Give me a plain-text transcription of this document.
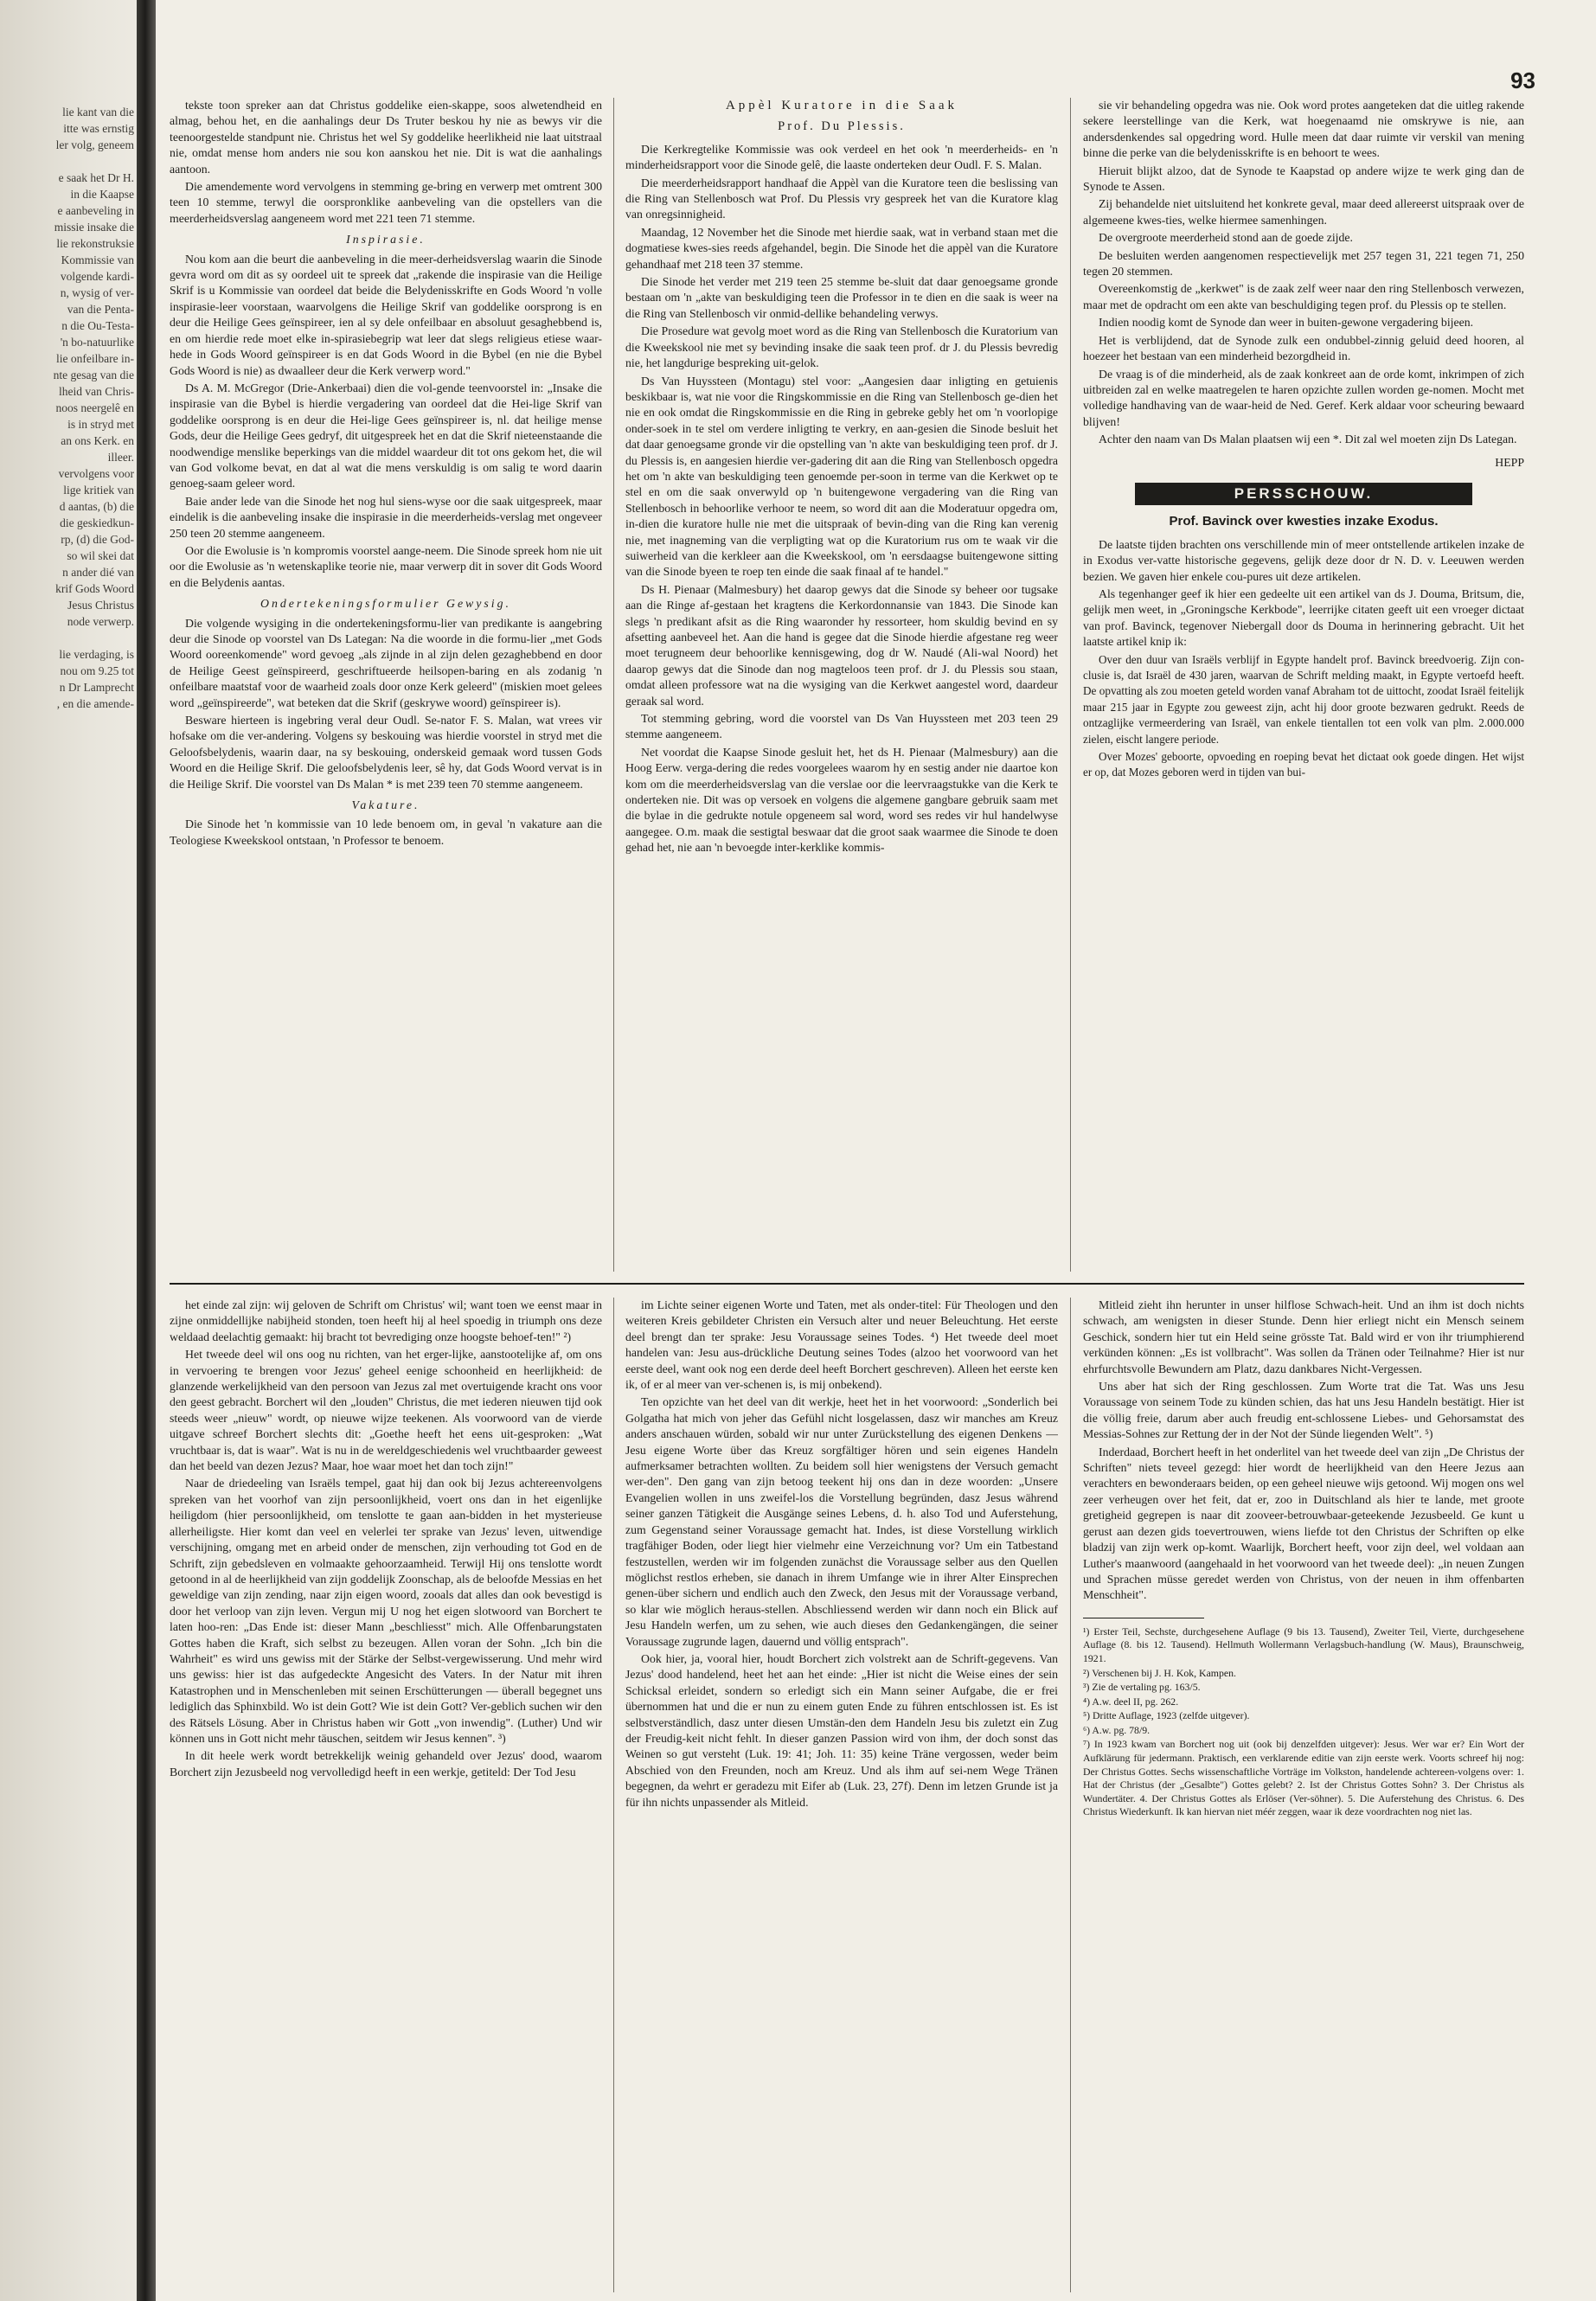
lie kant van die
itte was ernstig
ler volg, geneem

e saak het Dr H.
in die Kaapse
e aanbeveling in
missie insake die
lie rekonstruksie
Kommissie van
volgende kardi-
n, wysig of ver-
van die Penta-
n die Ou-Testa-
'n bo-natuurlike
lie onfeilbare in-
nte gesag van die
lheid van Chris-
noos neergelê en
is in stryd met
an ons Kerk. en
illeer.
vervolgens voor
lige kritiek van
d aantas, (b) die
die geskiedkun-
rp, (d) die God-
so wil skei dat
n ander dié van
krif Gods Woord
Jesus Christus
node verwerp.

lie verdaging, is
nou om 9.25 tot
n Dr Lamprecht
, en die amende-
93

tekste toon spreker aan dat Christus goddelike eien-skappe, soos alwetendheid en almag, behou het, en die aanhalings deur Ds Truter beskou hy nie as bewys vir die teenoorgestelde standpunt nie. Christus het wel Sy goddelike heerlikheid nie laat uitstraal nie, omdat mense hom anders nie sou kon aanskou het nie. Dit is wat die aanhalings aantoon.

Die amendemente word vervolgens in stemming ge-bring en verwerp met omtrent 300 teen 10 stemme, terwyl die oorspronklike aanbeveling van die opstellers van die meerderheidsverslag aangeneem word met 221 teen 71 stemme.

Inspirasie.

Nou kom aan die beurt die aanbeveling in die meer-derheidsverslag waarin die Sinode gevra word om dit as sy oordeel uit te spreek dat „rakende die inspirasie van die Heilige Skrif is u Kommissie van oordeel dat beide die Belydenisskrifte en Gods Woord 'n volle inspirasie-leer voorstaan, waarvolgens die Heilige Skrif van goddelike oorsprong is en deur die Heilige Gees geïnspireer, ien al sy dele onfeilbaar en absoluut gesaghebbend is, en om hierdie rede moet elke in-spirasiebegrip wat leer dat slegs religieus etiese waar-hede in Gods Woord geïnspireer is en dat Gods Woord in die Bybel (en nie die Bybel Gods Woord is nie) as dwaalleer deur die Kerk verwerp word."

Ds A. M. McGregor (Drie-Ankerbaai) dien die vol-gende teenvoorstel in: „Insake die inspirasie van die Bybel is hierdie vergadering van oordeel dat die Hei-lige Skrif van goddelike oorsprong is en deur die Hei-lige Gees geïnspireer is, nl. dat heilige mense Gods, deur die Heilige Gees gedryf, dit uitgespreek het en dat die Skrif nieteenstaande die noodwendige menslike beperkings van die middel waardeur dit tot ons gekom het, die wil van God volkome bevat, en dat al wat die mens verskuldig is om salig te word daarin genoeg-saam geleer word.

Baie ander lede van die Sinode het nog hul siens-wyse oor die saak uitgespreek, maar eindelik is die aanbeveling insake die inspirasie in die meerderheids-verslag met ongeveer 250 teen 20 stemme aangeneem.

Oor die Ewolusie is 'n kompromis voorstel aange-neem. Die Sinode spreek hom nie uit oor die Ewolusie as 'n wetenskaplike teorie nie, maar verwerp dit in sover dit Gods Woord en die Belydenis aantas.

Ondertekeningsformulier Gewysig.

Die volgende wysiging in die ondertekeningsformu-lier van predikante is aangebring deur die Sinode op voorstel van Ds Lategan: Na die woorde in die formu-lier „met Gods Woord ooreenkomende" word gevoeg „als zijnde in al zijn delen gezaghebbend en door de Heilige Geest geïnspireerd, geschriftueerde heilsopen-baring en als zodanig 'n onfeilbare maatstaf voor de waarheid zoals door onze Kerk geleerd" (miskien moet gelees word „geïnspireerde", wat beteken dat die Skrif (geskrywe woord) geïnspireer is).

Besware hierteen is ingebring veral deur Oudl. Se-nator F. S. Malan, wat vrees vir hofsake om die ver-andering. Volgens sy beskouing was hierdie voorstel in stryd met die Geloofsbelydenis, waarin daar, na sy beskouing, onderskeid gemaak word tussen Gods Woord en die Heilige Skrif. Die geloofsbelydenis leer, sê hy, dat Gods Woord vervat is in die Heilige Skrif. Die voorstel van Ds Malan * is met 239 teen 70 stemme aangeneem.

Vakature.

Die Sinode het 'n kommissie van 10 lede benoem om, in geval 'n vakature aan die Teologiese Kweekskool ontstaan, 'n Professor te benoem.

Appèl Kuratore in die Saak

Prof. Du Plessis.

Die Kerkregtelike Kommissie was ook verdeel en het ook 'n meerderheids- en 'n minderheidsrapport voor die Sinode gelê, die laaste onderteken deur Oudl. F. S. Malan.

Die meerderheidsrapport handhaaf die Appèl van die Kuratore teen die beslissing van die Ring van Stellenbosch wat Prof. Du Plessis vry gespreek het van die Kuratore klag van onregsinnigheid.

Maandag, 12 November het die Sinode met hierdie saak, wat in verband staan met die dogmatiese kwes-sies reeds afgehandel, begin. Die Sinode het die appèl van die Kuratore gehandhaaf met 218 teen 37 stemme.

Die Sinode het verder met 219 teen 25 stemme be-sluit dat daar genoegsame gronde bestaan om 'n „akte van beskuldiging teen die Professor in te dien en die saak is weer na die Ring van Stellenbosch vir onmid-dellike behandeling verwys.

Die Prosedure wat gevolg moet word as die Ring van Stellenbosch die Kuratorium van die Kweekskool nie met sy bevinding insake die saak teen prof. dr J. du Plessis bevredig nie, het langdurige bespreking uit-gelok.

Ds Van Huyssteen (Montagu) stel voor: „Aangesien daar inligting en getuienis beskikbaar is, wat nie voor die Ringskommissie en die Ring van Stellenbosch ge-dien het nie en ook omdat die Ringskommissie en die Ring in gebreke gebly het om 'n voorlopige onder-soek in te stel om verdere inligting te verkry, en aan-gesien die Sinode besluit het dat daar genoegsame gronde vir die opstelling van 'n akte van beskuldiging teen prof. dr J. du Plessis is, en aangesien hierdie ver-gadering dit aan die Ring van Stellenbosch opgedra het om 'n akte van beskuldiging teen genoemde per-soon in terme van die Kerkwet op te stel en om die saak onverwyld op 'n buitengewone vergadering van die Ring van Stellenbosch in behoorlike verhoor te neem, so word dit aan die Moderatuur opgedra om, in-dien die kuratore hulle nie met die uitspraak of bevin-ding van die Ring kan verenig nie, met inagneming van die verpligting wat op die Kuratorium rus om te waak vir die suiwerheid van die kerkleer aan die Kweekskool, om 'n eersdaagse buitengewone sitting van die Sinode byeen te roep ten einde die saak finaal af te handel."

Ds H. Pienaar (Malmesbury) het daarop gewys dat die Sinode sy beheer oor tugsake aan die Ringe af-gestaan het kragtens die Kerkordonnansie van 1843. Die Sinode kan slegs 'n predikant afsit as die Ring waaronder hy ressorteer, hom skuldig bevind en sy afsetting aanbeveel het. Aan die hand is gegee dat die Sinode hierdie afgestane reg weer moet terugneem deur behoorlike kennisgewing, dog dr W. Naudé (Ali-wal Noord) het daarop gewys dat die Sinode dan nog magteloos teen prof. dr J. du Plessis sou staan, omdat alleen professore wat na die wysiging van die Kerkwet aangestel word, daardeur geraak sal word.

Tot stemming gebring, word die voorstel van Ds Van Huyssteen met 203 teen 29 stemme aangeneem.

Net voordat die Kaapse Sinode gesluit het, het ds H. Pienaar (Malmesbury) aan die Hoog Eerw. verga-dering die redes voorgelees waarom hy en sestig ander nie daartoe kon kom om die meerderheidsverslag van die verslae oor die leervraagstukke van die Kerk te onderteken nie. Dit was op versoek en volgens die algemene gangbare gebruik saam met die bylae in die gedrukte notule opgeneem sal word, word ses redes vir hul handelwyse aangegee. O.m. maak die sestigtal beswaar dat die groot saak waarmee die Sinode te doen gehad het, nie aan 'n bevoegde inter-kerklike kommis-

sie vir behandeling opgedra was nie. Ook word protes aangeteken dat die uitleg rakende sekere leerstellinge van die Kerk, wat hoegenaamd nie omskrywe is nie, aan andersdenkendes sal opgedring word. Hulle meen dat daar ruimte vir verskil van mening binne die perke van die belydenisskrifte is en behoort te wees.

Hieruit blijkt alzoo, dat de Synode te Kaapstad op andere wijze te werk ging dan de Synode te Assen.

Zij behandelde niet uitsluitend het konkrete geval, maar deed allereerst uitspraak over de algemeene kwes-ties, welke hiermee samenhingen.

De overgroote meerderheid stond aan de goede zijde.

De besluiten werden aangenomen respectievelijk met 257 tegen 31, 221 tegen 71, 250 tegen 20 stemmen.

Overeenkomstig de „kerkwet" is de zaak zelf weer naar den ring Stellenbosch verwezen, maar met de opdracht om een akte van beschuldiging tegen prof. du Plessis op te stellen.

Indien noodig komt de Synode dan weer in buiten-gewone vergadering bijeen.

Het is verblijdend, dat de Synode zulk een ondubbel-zinnig geluid deed hooren, al hoezeer het bestaan van een minderheid bezorgdheid in.

De vraag is of die minderheid, als de zaak konkreet aan de orde komt, inkrimpen of zich uitbreiden zal en welke maatregelen te haren opzichte zullen worden ge-nomen. Mocht met volledige handhaving van de waar-heid de Ned. Geref. Kerk aldaar voor scheuring bewaard blijven!

Achter den naam van Ds Malan plaatsen wij een *. Dit zal wel moeten zijn Ds Lategan.

HEPP

PERSSCHOUW.
Prof. Bavinck over kwesties inzake Exodus.

De laatste tijden brachten ons verschillende min of meer ontstellende artikelen inzake de in Exodus ver-vatte historische gegevens, gelijk deze door dr N. D. v. Leeuwen werden bezien. We gaven hier enkele cou-pures uit deze artikelen.

Als tegenhanger geef ik hier een gedeelte uit een artikel van ds J. Douma, Britsum, die, gelijk men weet, in „Groningsche Kerkbode", leerrijke citaten geeft uit een vroeger dictaat van prof. Bavinck, tegenover Niebergall door ds Douma in herinnering gebracht. Uit het laatste artikel knip ik:

Over den duur van Israëls verblijf in Egypte handelt prof. Bavinck breedvoerig. Zijn con-clusie is, dat Israël de 430 jaren, waarvan de Schrift melding maakt, in Egypte vertoefd heeft. De opvatting als zou moeten geteld worden vanaf Abraham tot de uittocht, zoodat Israël feitelijk maar 215 jaar in Egypte zou geweest zijn, acht hij door groote bezwaren gedrukt. Reeds de ontzaglijke vermeerdering van Israël, van enkele tientallen tot een volk van plm. 2.000.000 zielen, eischt langere periode.

Over Mozes' geboorte, opvoeding en roeping bevat het dictaat ook goede dingen. Het wijst er op, dat Mozes geboren werd in tijden van bui-

het einde zal zijn: wij geloven de Schrift om Christus' wil; want toen we eenst maar in zijne onmiddellijke nabijheid stonden, toen heeft hij al heel spoedig in triumph ons deze weldaad deelachtig gemaakt: hij bracht tot bevrediging onze hoogste behoef-ten!" ²)

Het tweede deel wil ons oog nu richten, van het erger-lijke, aanstootelijke af, om ons in vervoering te brengen voor Jezus' geheel eenige schoonheid en heerlijkheid: de glanzende werkelijkheid van den persoon van Jezus zal met overtuigende kracht ons voor den geest gebracht. Borchert wil den „louden" Christus, die met iederen nieuwen tijd ook steeds weer „nieuw" wordt, op nieuwe wijze teekenen. Als voorwoord van de vierde uitgave schreef Borchert slechts dit: „Goethe heeft het eens uit-gesproken: „Wat vruchtbaar is, dat is waar". Wat is nu in de wereldgeschiedenis wel vruchtbaarder geweest dan het beeld van dezen Jezus? Maar, hoe waar moet het dan toch zijn!"

Naar de driedeeling van Israëls tempel, gaat hij dan ook bij Jezus achtereenvolgens spreken van het voorhof van zijn persoonlijkheid, voert ons dan in het eigenlijke heiligdom (hier persoonlijkheid, om tenslotte te gaan aan-bidden in het mysterieuse allerheiligste. Hier komt dan veel en velerlei ter sprake van Jezus' leven, uitwendige verschijning, omgang met en arbeid onder de menschen, zijn verhouding tot God en de Schrift, zijn gebedsleven en volmaakte gehoorzaamheid. Terwijl Hij ons tenslotte wordt getoond in al de heerlijkheid van zijn goddelijk Zoonschap, als de beloofde Messias en het geweldige van zijn zending, naar zijn eigen woord, zooals dat alles dan ook bevestigd is door het verloop van zijn leven. Vergun mij U nog het eigen slotwoord van Borchert te laten hoo-ren: „Das Ende ist: dieser Mann „beschliesst" mich. Alle Offenbarungstaten Gottes haben die Kraft, sich selbst zu bezeugen. Allen voran der Sohn. „Ich bin die Wahrheit" es wird uns gewiss mit der Stärke der Selbst-vergewisserung. Und mehr wird uns gewiss: hier ist das aufgedeckte Angesicht des Vaters. In der Natur mit ihren Katastrophen und in Menschenleben mit seinen Erschütterungen — überall begegnet uns lediglich das Sphinxbild. Wo ist dein Gott? Wie ist dein Gott? Ver-geblich suchen wir den des Rätsels Lösung. Aber in Christus haben wir Gott „von inwendig". (Luther) Und wir können uns in Gott nicht mehr täuschen, seitdem wir Jesus kennen". ³)

In dit heele werk wordt betrekkelijk weinig gehandeld over Jezus' dood, waarom Borchert zijn Jezusbeeld nog vervolledigd heeft in een werkje, getiteld: Der Tod Jesu

im Lichte seiner eigenen Worte und Taten, met als onder-titel: Für Theologen und den weiteren Kreis gebildeter Christen ein Versuch alter und neuer Beleuchtung. Het eerste deel brengt dan ter sprake: Jesu Voraussage seines Todes. ⁴) Het tweede deel moet handelen van: Jesu aus-drückliche Deutung seines Todes (alzoo het voorwoord van het eerste deel, want ook nog een derde deel heeft Borchert geschreven). Alleen het eerste ken ik, of er al meer van ver-schenen is, is mij onbekend).

Ten opzichte van het deel van dit werkje, heet het in het voorwoord: „Sonderlich bei Golgatha hat mich von jeher das Gefühl nicht losgelassen, dasz wir manches am Kreuz anders anschauen würden, sobald wir nur unter Zurückstellung des eigenen Denkens — Jesu eigene Worte über das Kreuz sorgfältiger hören und sein eigenes Handeln aufmerksamer betrachten wollten. Zu beidem soll hier wenigstens der Versuch gemacht wer-den". Den gang van zijn betoog teekent hij ons dan in deze woorden: „Unsere Evangelien wollen in uns zweifel-los die Vorstellung begründen, dasz Jesus während seiner ganzen Tätigkeit die Ausgänge seines Lebens, d. h. also Tod und Auferstehung, zum Gegenstand seiner Voraussage gemacht hat. Indes, ist diese Vorstellung wirklich tragfähiger Boden, oder liegt hier vielmehr eine Verzeichnung vor? Um ein Tatbestand festzustellen, werden wir im folgenden zunächst die Voraussage selber aus den Quellen möglichst restlos erheben, sie danach in ihrem Umfange wie in ihrer Alter Einsprechen genen-über sichern und endlich auch den Zweck, den Jesus mit der Voraussage verband, so klar wie möglich heraus-stellen. Abschliessend werden wir dann noch ein Blick auf Jesu Handeln werfen, um zu sehen, wie auch dieses den Gedankengängen, die seiner Voraussage zugrunde lagen, dauernd und völlig entsprach".

Ook hier, ja, vooral hier, houdt Borchert zich volstrekt aan de Schrift-gegevens. Van Jezus' dood handelend, heet het aan het einde: „Hier ist nicht die Weise eines der sein Schicksal erleidet, sondern so erledigt sich ein Mann seiner Aufgabe, die er frei übernommen hat und die er nun zu einem guten Ende zu führen entschlossen ist. Es ist selbstverständlich, dasz unter diesen Umstän-den dem Handeln Jesu bis zuletzt ein Zug der Freudig-keit nicht fehlt. In dieser ganzen Passion wird von ihm, der doch sonst das Weinen so gut versteht (Luk. 19: 41; Joh. 11: 35) keine Träne vergossen, weder beim Abschied von den Freunden, noch am Kreuz. Und als ihm auf sei-nem Wege Tränen begegnen, da wehrt er geradezu mit Eifer ab (Luk. 23, 27f). Denn im letzen Grunde ist ja für ihn nichts unpassender als Mitleid.

Mitleid zieht ihn herunter in unser hilflose Schwach-heit. Und an ihm ist doch nichts schwach, am wenigsten in dieser Stunde. Denn hier erliegt nicht ein Mensch seinem Geschick, sondern hier tut ein Held seine grösste Tat. Bald wird er von ihr triumphierend verkünden können: „Es ist vollbracht". Was sollen da Tränen oder Teilnahme? Hier ist nur ehrfurchtsvolle Bewundern am Platz, dazu dankbares Nicht-Vergessen.

Uns aber hat sich der Ring geschlossen. Zum Worte trat die Tat. Was uns Jesu Voraussage von seinem Tode zu künden schien, das hat uns Jesu Handeln bestätigt. Hier ist die völlig freie, darum aber auch freudig ent-schlossene Liebes- und Gehorsamstat des Messias-Sohnes zur Rettung der in der Not der Sünde liegenden Welt". ⁵)

Inderdaad, Borchert heeft in het onderlitel van het tweede deel van zijn „De Christus der Schriften" niets teveel gezegd: hier wordt de heerlijkheid van den Heere Jezus aan verachters en bewonderaars beiden, op een geheel nieuwe wijs getoond. Wij mogen ons wel zeer verheugen over het feit, dat er, zoo in Duitschland als hier te lande, met groote gretigheid gegrepen is naar dit zooveer-betrouwbaar-geteekende Jezusbeeld. Ge kunt u gerust aan dezen gids toevertrouwen, wiens liefde tot den Christus der Schriften op elke bladzij van zijn werk op-komt. Waarlijk, Borchert heeft, voor zijn deel, wel voldaan aan Luther's maanwoord (aangehaald in het voorwoord van het tweede deel): „in neuen Zungen und Sprachen müsse geredet werden von Christus, von der neuen in ihm offenbarten Menschheit".

¹) Erster Teil, Sechste, durchgesehene Auflage (9 bis 13. Tausend), Zweiter Teil, Vierte, durchgesehene Auflage (8. bis 12. Tausend). Hellmuth Wollermann Verlagsbuch-handlung (W. Maus), Braunschweig, 1921.
²) Verschenen bij J. H. Kok, Kampen.
³) Zie de vertaling pg. 163/5.
⁴) A.w. deel II, pg. 262.
⁵) Dritte Auflage, 1923 (zelfde uitgever).
⁶) A.w. pg. 78/9.
⁷) In 1923 kwam van Borchert nog uit (ook bij denzelfden uitgever): Jesus. Wer war er? Ein Wort der Aufklärung für jedermann. Praktisch, een verklarende editie van zijn eerste werk. Voorts schreef hij nog: Der Christus Gottes. Sechs wissenschaftliche Vorträge im Volkston, handelende achtereen-volgens over: 1. Hat der Christus (der „Gesalbte") Gottes gelebt? 2. Ist der Christus Gottes Sohn? 3. Der Christus als Wundertäter. 4. Der Christus Gottes als Erlöser (Ver-söhner). 5. Die Auferstehung des Christus. 6. Des Christus Wiederkunft. Ik kan hiervan niet méér zeggen, waar ik deze voordrachten nog niet las.
